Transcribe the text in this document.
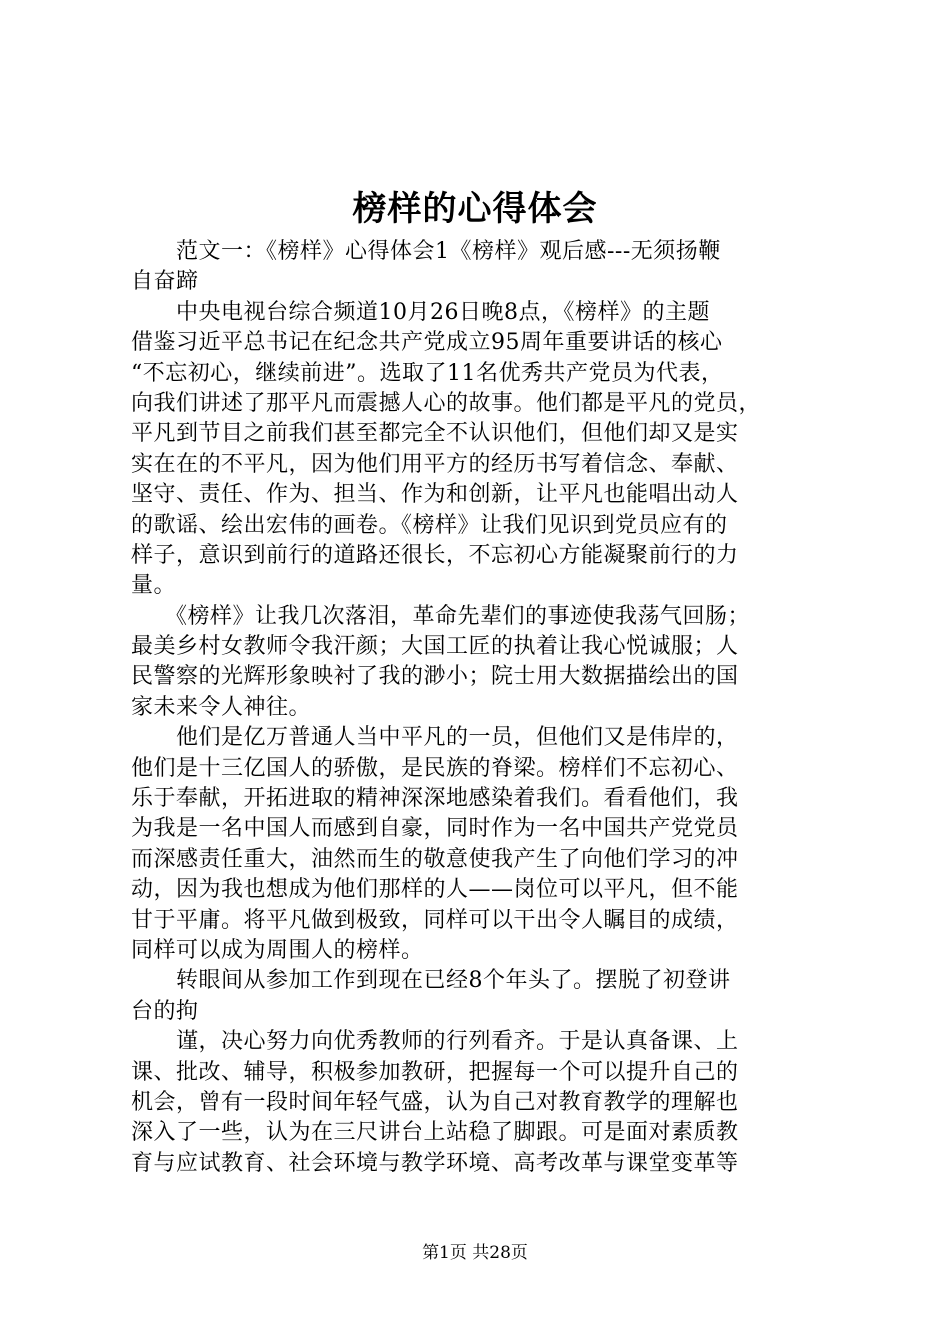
榜样的心得体会
　　范文一：《榜样》心得体会1《榜样》观后感---无须扬鞭
自奋蹄
　　中央电视台综合频道10月26日晚8点，《榜样》的主题
借鉴习近平总书记在纪念共产党成立95周年重要讲话的核心
“不忘初心，继续前进”。选取了11名优秀共产党员为代表，
向我们讲述了那平凡而震撼人心的故事。他们都是平凡的党员，
平凡到节目之前我们甚至都完全不认识他们，但他们却又是实
实在在的不平凡，因为他们用平方的经历书写着信念、奉献、
坚守、责任、作为、担当、作为和创新，让平凡也能唱出动人
的歌谣、绘出宏伟的画卷。《榜样》让我们见识到党员应有的
样子，意识到前行的道路还很长，不忘初心方能凝聚前行的力
量。
　　《榜样》让我几次落泪，革命先辈们的事迹使我荡气回肠；
最美乡村女教师令我汗颜；大国工匠的执着让我心悦诚服；人
民警察的光辉形象映衬了我的渺小；院士用大数据描绘出的国
家未来令人神往。
　　他们是亿万普通人当中平凡的一员，但他们又是伟岸的，
他们是十三亿国人的骄傲，是民族的脊梁。榜样们不忘初心、
乐于奉献，开拓进取的精神深深地感染着我们。看看他们，我
为我是一名中国人而感到自豪，同时作为一名中国共产党党员
而深感责任重大，油然而生的敬意使我产生了向他们学习的冲
动，因为我也想成为他们那样的人——岗位可以平凡，但不能
甘于平庸。将平凡做到极致，同样可以干出令人瞩目的成绩，
同样可以成为周围人的榜样。
　　转眼间从参加工作到现在已经8个年头了。摆脱了初登讲
台的拘
　　谨，决心努力向优秀教师的行列看齐。于是认真备课、上
课、批改、辅导，积极参加教研，把握每一个可以提升自己的
机会，曾有一段时间年轻气盛，认为自己对教育教学的理解也
深入了一些，认为在三尺讲台上站稳了脚跟。可是面对素质教
育与应试教育、社会环境与教学环境、高考改革与课堂变革等
第1页 共28页
